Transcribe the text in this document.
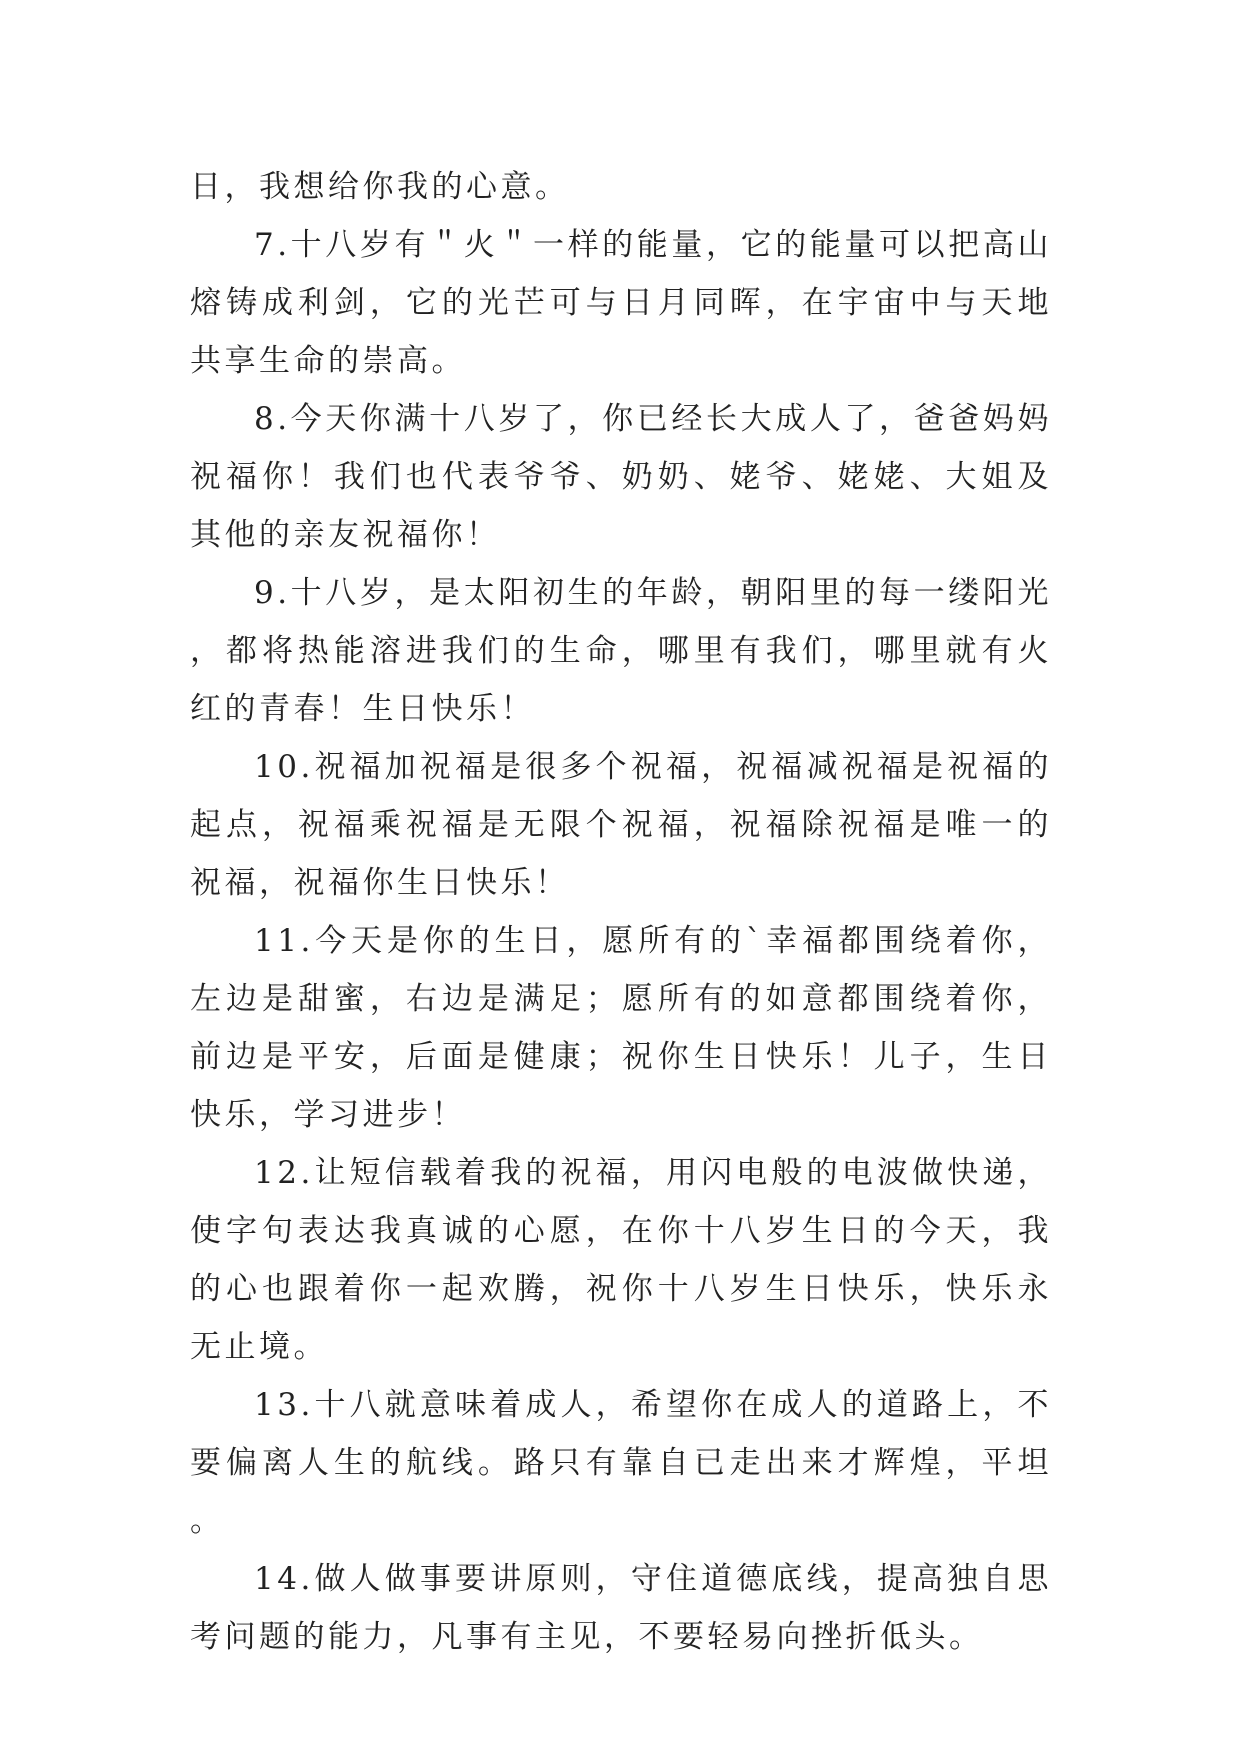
日，我想给你我的心意。

7.十八岁有＂火＂一样的能量，它的能量可以把高山熔铸成利剑，它的光芒可与日月同晖，在宇宙中与天地共享生命的崇高。

8.今天你满十八岁了，你已经长大成人了，爸爸妈妈祝福你！我们也代表爷爷、奶奶、姥爷、姥姥、大姐及其他的亲友祝福你！

9.十八岁，是太阳初生的年龄，朝阳里的每一缕阳光，都将热能溶进我们的生命，哪里有我们，哪里就有火红的青春！生日快乐！

10.祝福加祝福是很多个祝福，祝福减祝福是祝福的起点，祝福乘祝福是无限个祝福，祝福除祝福是唯一的祝福，祝福你生日快乐！

11.今天是你的生日，愿所有的`幸福都围绕着你，左边是甜蜜，右边是满足；愿所有的如意都围绕着你，前边是平安，后面是健康；祝你生日快乐！儿子，生日快乐，学习进步！

12.让短信载着我的祝福，用闪电般的电波做快递，使字句表达我真诚的心愿，在你十八岁生日的今天，我的心也跟着你一起欢腾，祝你十八岁生日快乐，快乐永无止境。

13.十八就意味着成人，希望你在成人的道路上，不要偏离人生的航线。路只有靠自已走出来才辉煌，平坦。

14.做人做事要讲原则，守住道德底线，提高独自思考问题的能力，凡事有主见，不要轻易向挫折低头。
